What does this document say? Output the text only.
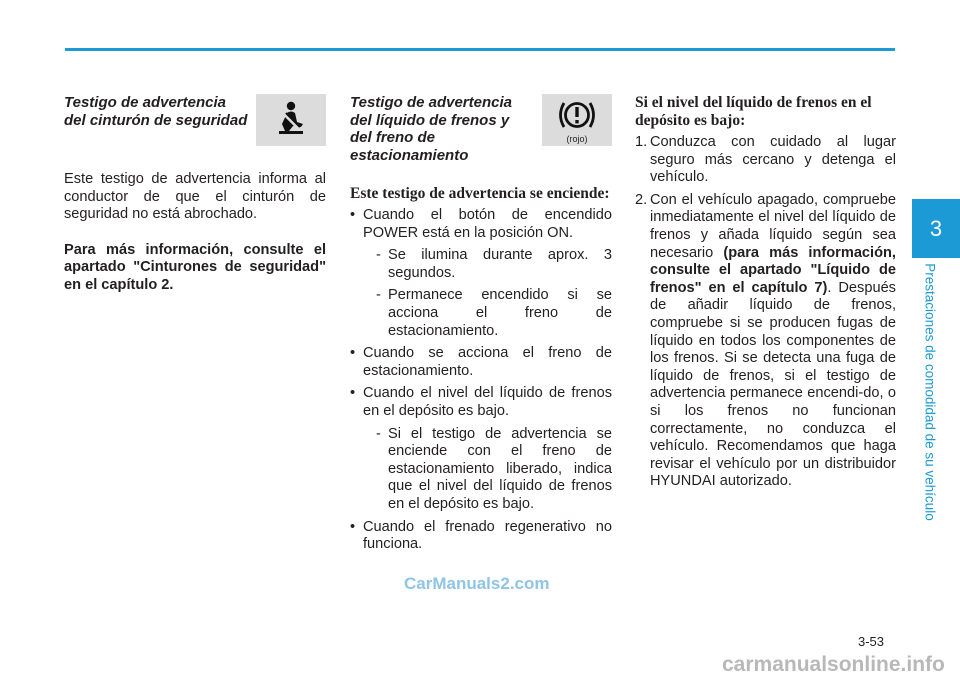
Testigo de advertencia del cinturón de seguridad

Este testigo de advertencia informa al conductor de que el cinturón de seguridad no está abrochado.

Para más información, consulte el apartado "Cinturones de seguridad" en el capítulo 2.

Testigo de advertencia del líquido de frenos y del freno de estacionamiento
(rojo)
Este testigo de advertencia se enciende:
• Cuando el botón de encendido POWER está en la posición ON.
- Se ilumina durante aprox. 3 segundos.
- Permanece encendido si se acciona el freno de estacionamiento.
• Cuando se acciona el freno de estacionamiento.
• Cuando el nivel del líquido de frenos en el depósito es bajo.
- Si el testigo de advertencia se enciende con el freno de estacionamiento liberado, indica que el nivel del líquido de frenos en el depósito es bajo.
• Cuando el frenado regenerativo no funciona.
Si el nivel del líquido de frenos en el depósito es bajo:
1. Conduzca con cuidado al lugar seguro más cercano y detenga el vehículo.
2. Con el vehículo apagado, compruebe inmediatamente el nivel del líquido de frenos y añada líquido según sea necesario (para más información, consulte el apartado "Líquido de frenos" en el capítulo 7). Después de añadir líquido de frenos, compruebe si se producen fugas de líquido en todos los componentes de los frenos. Si se detecta una fuga de líquido de frenos, si el testigo de advertencia permanece encendi-do, o si los frenos no funcionan correctamente, no conduzca el vehículo. Recomendamos que haga revisar el vehículo por un distribuidor HYUNDAI autorizado.
3
Prestaciones de comodidad de su vehículo
3-53
CarManuals2.com
carmanualsonline.info
